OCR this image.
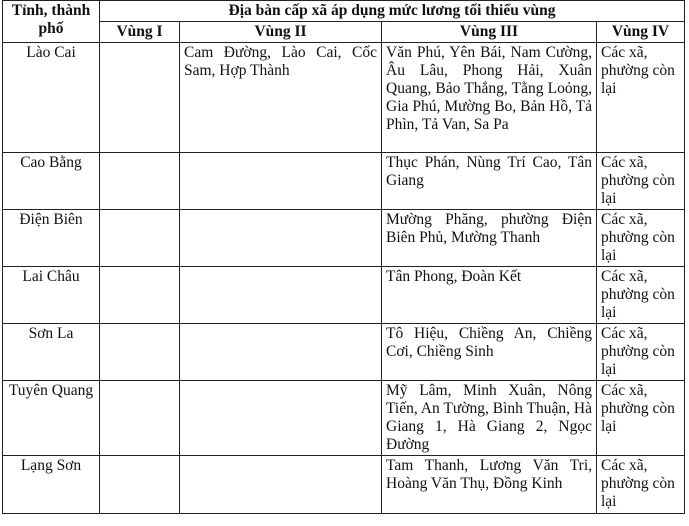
Tỉnh, thành phố	Địa bàn cấp xã áp dụng mức lương tối thiểu vùng			
	Vùng I	Vùng II	Vùng III	Vùng IV
Lào Cai		Cam Đường, Lào Cai, Cốc Sam, Hợp Thành	Văn Phú, Yên Bái, Nam Cường, Âu Lâu, Phong Hải, Xuân Quang, Bảo Thắng, Tằng Loỏng, Gia Phú, Mường Bo, Bản Hồ, Tả Phìn, Tả Van, Sa Pa	Các xã, phường còn lại
Cao Bằng			Thục Phán, Nùng Trí Cao, Tân Giang	Các xã, phường còn lại
Điện Biên			Mường Phăng, phường Điện Biên Phủ, Mường Thanh	Các xã, phường còn lại
Lai Châu			Tân Phong, Đoàn Kết	Các xã, phường còn lại
Sơn La			Tô Hiệu, Chiềng An, Chiềng Cơi, Chiềng Sinh	Các xã, phường còn lại
Tuyên Quang			Mỹ Lâm, Minh Xuân, Nông Tiến, An Tường, Bình Thuận, Hà Giang 1, Hà Giang 2, Ngọc Đường	Các xã, phường còn lại
Lạng Sơn			Tam Thanh, Lương Văn Tri, Hoàng Văn Thụ, Đồng Kinh	Các xã, phường còn lại
